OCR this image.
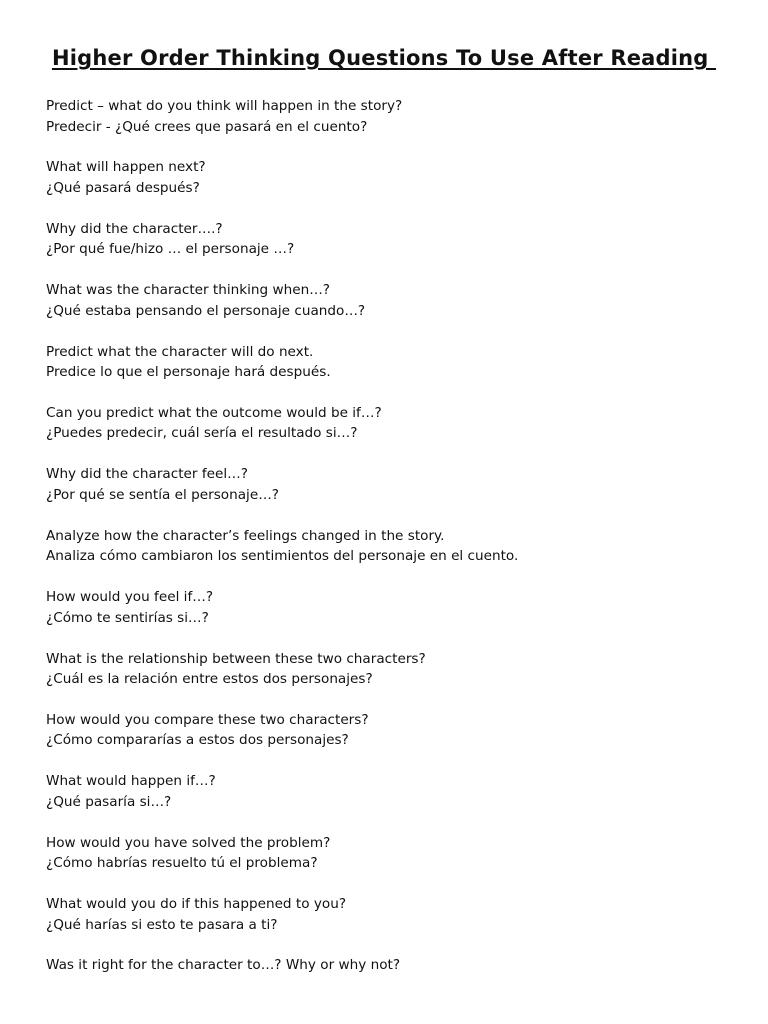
Higher Order Thinking Questions To Use After Reading
Predict – what do you think will happen in the story?
Predecir - ¿Qué crees que pasará en el cuento?
What will happen next?
¿Qué pasará después?
Why did the character….?
¿Por qué fue/hizo … el personaje …?
What was the character thinking when…?
¿Qué estaba pensando el personaje cuando…?
Predict what the character will do next.
Predice lo que el personaje hará después.
Can you predict what the outcome would be if…?
¿Puedes predecir, cuál sería el resultado si…?
Why did the character feel…?
¿Por qué se sentía el personaje…?
Analyze how the character’s feelings changed in the story.
Analiza cómo cambiaron los sentimientos del personaje en el cuento.
How would you feel if…?
¿Cómo te sentirías si…?
What is the relationship between these two characters?
¿Cuál es la relación entre estos dos personajes?
How would you compare these two characters?
¿Cómo compararías a estos dos personajes?
What would happen if…?
¿Qué pasaría si…?
How would you have solved the problem?
¿Cómo habrías resuelto tú el problema?
What would you do if this happened to you?
¿Qué harías si esto te pasara a ti?
Was it right for the character to…? Why or why not?
